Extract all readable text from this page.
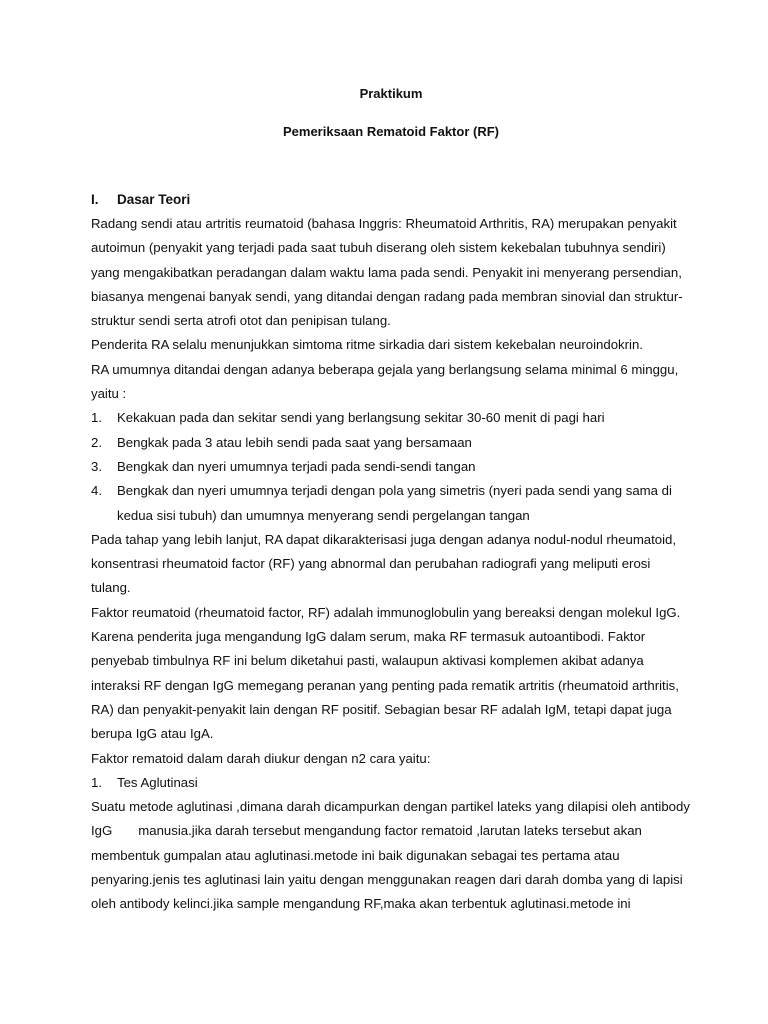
Praktikum
Pemeriksaan Rematoid Faktor (RF)
I.	Dasar Teori

Radang sendi atau artritis reumatoid (bahasa Inggris: Rheumatoid Arthritis, RA) merupakan penyakit autoimun (penyakit yang terjadi pada saat tubuh diserang oleh sistem kekebalan tubuhnya sendiri) yang mengakibatkan peradangan dalam waktu lama pada sendi. Penyakit ini menyerang persendian, biasanya mengenai banyak sendi, yang ditandai dengan radang pada membran sinovial dan struktur-struktur sendi serta atrofi otot dan penipisan tulang.

Penderita RA selalu menunjukkan simtoma ritme sirkadia dari sistem kekebalan neuroindokrin.

RA umumnya ditandai dengan adanya beberapa gejala yang berlangsung selama minimal 6 minggu, yaitu :

1.	Kekakuan pada dan sekitar sendi yang berlangsung sekitar 30-60 menit di pagi hari
2.	Bengkak pada 3 atau lebih sendi pada saat yang bersamaan
3.	Bengkak dan nyeri umumnya terjadi pada sendi-sendi tangan
4.	Bengkak dan nyeri umumnya terjadi dengan pola yang simetris (nyeri pada sendi yang sama di kedua sisi tubuh) dan umumnya menyerang sendi pergelangan tangan

Pada tahap yang lebih lanjut, RA dapat dikarakterisasi juga dengan adanya nodul-nodul rheumatoid, konsentrasi rheumatoid factor (RF) yang abnormal dan perubahan radiografi yang meliputi erosi tulang.

Faktor reumatoid (rheumatoid factor, RF) adalah immunoglobulin yang bereaksi dengan molekul IgG. Karena penderita juga mengandung IgG dalam serum, maka RF termasuk autoantibodi. Faktor penyebab timbulnya RF ini belum diketahui pasti, walaupun aktivasi komplemen akibat adanya interaksi RF dengan IgG memegang peranan yang penting pada rematik artritis (rheumatoid arthritis, RA) dan penyakit-penyakit lain dengan RF positif. Sebagian besar RF adalah IgM, tetapi dapat juga berupa IgG atau IgA.

Faktor rematoid dalam darah diukur dengan n2 cara yaitu:

1.	Tes Aglutinasi

Suatu metode aglutinasi ,dimana darah dicampurkan dengan partikel lateks yang dilapisi oleh antibody IgG manusia.jika darah tersebut mengandung factor rematoid ,larutan lateks tersebut akan membentuk gumpalan atau aglutinasi.metode ini baik digunakan sebagai tes pertama atau penyaring.jenis tes aglutinasi lain yaitu dengan menggunakan reagen dari darah domba yang di lapisi oleh antibody kelinci.jika sample mengandung RF,maka akan terbentuk aglutinasi.metode ini
